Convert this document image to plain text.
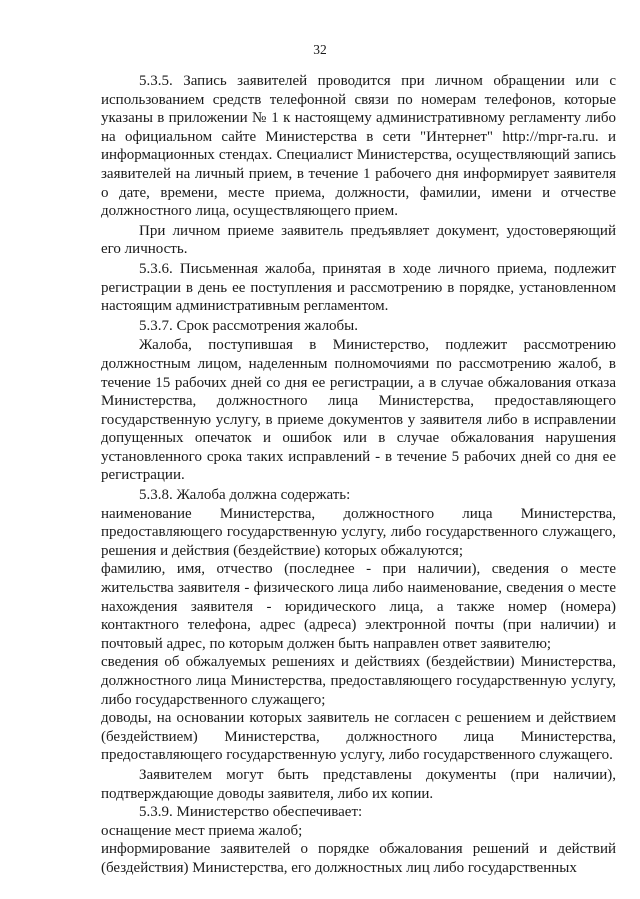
32

5.3.5. Запись заявителей проводится при личном обращении или с использованием средств телефонной связи по номерам телефонов, которые указаны в приложении № 1 к настоящему административному регламенту либо на официальном сайте Министерства в сети "Интернет" http://mpr-ra.ru. и информационных стендах. Специалист Министерства, осуществляющий запись заявителей на личный прием, в течение 1 рабочего дня информирует заявителя о дате, времени, месте приема, должности, фамилии, имени и отчестве должностного лица, осуществляющего прием.

При личном приеме заявитель предъявляет документ, удостоверяющий его личность.

5.3.6. Письменная жалоба, принятая в ходе личного приема, подлежит регистрации в день ее поступления и рассмотрению в порядке, установленном настоящим административным регламентом.

5.3.7. Срок рассмотрения жалобы.

Жалоба, поступившая в Министерство, подлежит рассмотрению должностным лицом, наделенным полномочиями по рассмотрению жалоб, в течение 15 рабочих дней со дня ее регистрации, а в случае обжалования отказа Министерства, должностного лица Министерства, предоставляющего государственную услугу, в приеме документов у заявителя либо в исправлении допущенных опечаток и ошибок или в случае обжалования нарушения установленного срока таких исправлений - в течение 5 рабочих дней со дня ее регистрации.

5.3.8. Жалоба должна содержать:

наименование Министерства, должностного лица Министерства, предоставляющего государственную услугу, либо государственного служащего, решения и действия (бездействие) которых обжалуются;

фамилию, имя, отчество (последнее - при наличии), сведения о месте жительства заявителя - физического лица либо наименование, сведения о месте нахождения заявителя - юридического лица, а также номер (номера) контактного телефона, адрес (адреса) электронной почты (при наличии) и почтовый адрес, по которым должен быть направлен ответ заявителю;

сведения об обжалуемых решениях и действиях (бездействии) Министерства, должностного лица Министерства, предоставляющего государственную услугу, либо государственного служащего;

доводы, на основании которых заявитель не согласен с решением и действием (бездействием) Министерства, должностного лица Министерства, предоставляющего государственную услугу, либо государственного служащего.

Заявителем могут быть представлены документы (при наличии), подтверждающие доводы заявителя, либо их копии.

5.3.9. Министерство обеспечивает:

оснащение мест приема жалоб;

информирование заявителей о порядке обжалования решений и действий (бездействия) Министерства, его должностных лиц либо государственных
